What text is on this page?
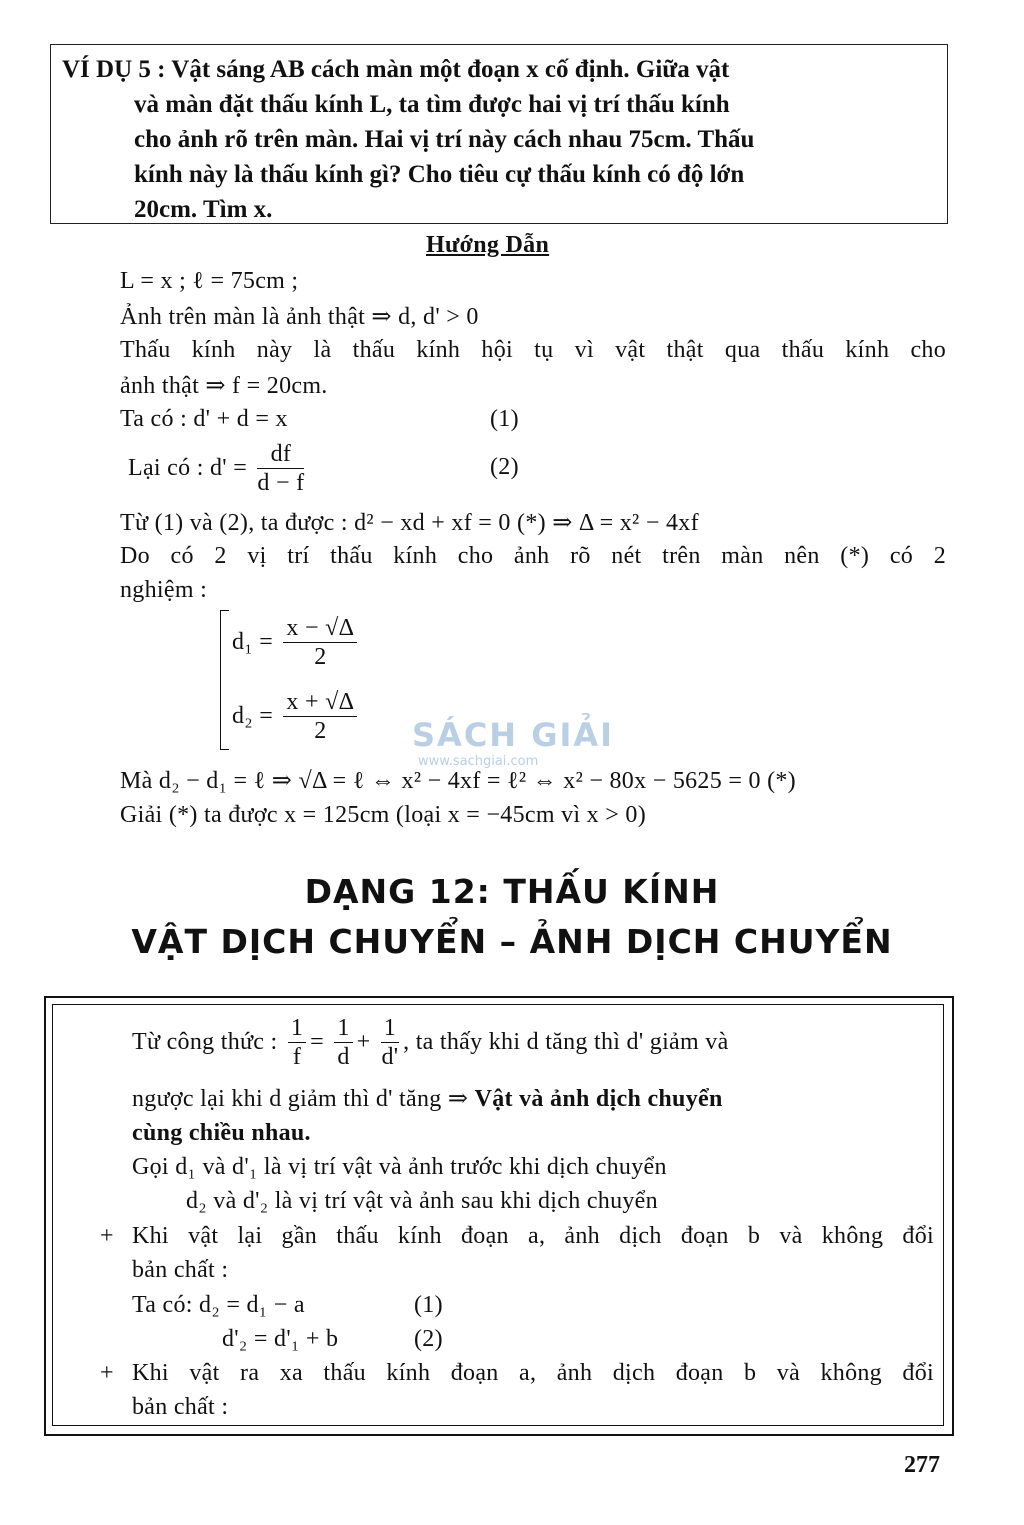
VÍ DỤ 5 : Vật sáng AB cách màn một đoạn x cố định. Giữa vật
và màn đặt thấu kính L, ta tìm được hai vị trí thấu kính
cho ảnh rõ trên màn. Hai vị trí này cách nhau 75cm. Thấu
kính này là thấu kính gì? Cho tiêu cự thấu kính có độ lớn
20cm. Tìm x.
Hướng Dẫn
L = x ; ℓ = 75cm ;
Ảnh trên màn là ảnh thật ⇒ d, d' > 0
Thấu kính này là thấu kính hội tụ vì vật thật qua thấu kính cho
ảnh thật ⇒ f = 20cm.
Ta có : d' + d = x	(1)
Lại có : $d' = \frac{df}{d - f}$	(2)
Từ (1) và (2), ta được : d² − xd + xf = 0 (*) ⇒ Δ = x² − 4xf
Do có 2 vị trí thấu kính cho ảnh rõ nét trên màn nên (*) có 2
nghiệm :
$d_1 = \frac{x - √\Delta}{2}$
$d_2 = \frac{x + √\Delta}{2}$
Mà d₂ − d₁ = ℓ ⇒ √Δ = ℓ ⇔ x² − 4xf = ℓ² ⇔ x² − 80x − 5625 = 0 (*)
Giải (*) ta được x = 125cm (loại x = −45cm vì x > 0)
SÁCH GIẢI
www.sachgiai.com
DẠNG 12: THẤU KÍNH
VẬT DỊCH CHUYỂN – ẢNH DỊCH CHUYỂN
Từ công thức : $\frac{1}{f} = \frac{1}{d} + \frac{1}{d'}$ , ta thấy khi d tăng thì d' giảm và
ngược lại khi d giảm thì d' tăng ⇒ Vật và ảnh dịch chuyển
cùng chiều nhau.
Gọi d₁ và d'₁ là vị trí vật và ảnh trước khi dịch chuyển
d₂ và d'₂ là vị trí vật và ảnh sau khi dịch chuyển
+ Khi vật lại gần thấu kính đoạn a, ảnh dịch đoạn b và không đổi
bản chất :
Ta có: d₂ = d₁ − a	(1)
d'₂ = d'₁ + b	(2)
+ Khi vật ra xa thấu kính đoạn a, ảnh dịch đoạn b và không đổi
bản chất :
277
